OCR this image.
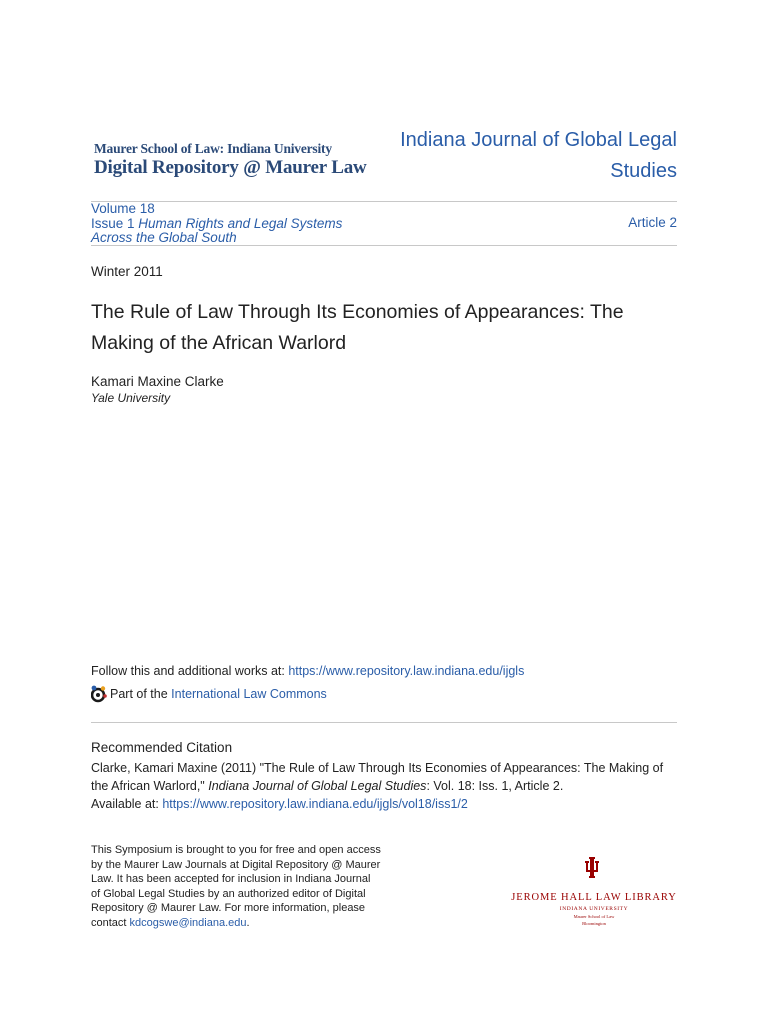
Maurer School of Law: Indiana University
Digital Repository @ Maurer Law
Indiana Journal of Global Legal Studies
Volume 18
Issue 1 Human Rights and Legal Systems
Across the Global South
Article 2
Winter 2011
The Rule of Law Through Its Economies of Appearances: The Making of the African Warlord
Kamari Maxine Clarke
Yale University
Follow this and additional works at: https://www.repository.law.indiana.edu/ijgls
Part of the
International Law Commons
Recommended Citation
Clarke, Kamari Maxine (2011) "The Rule of Law Through Its Economies of Appearances: The Making of the African Warlord," Indiana Journal of Global Legal Studies: Vol. 18: Iss. 1, Article 2.
Available at: https://www.repository.law.indiana.edu/ijgls/vol18/iss1/2
This Symposium is brought to you for free and open access by the Maurer Law Journals at Digital Repository @ Maurer Law. It has been accepted for inclusion in Indiana Journal of Global Legal Studies by an authorized editor of Digital Repository @ Maurer Law. For more information, please contact kdcogswe@indiana.edu.
JEROME HALL LAW LIBRARY
INDIANA UNIVERSITY
Maurer School of Law
Bloomington
